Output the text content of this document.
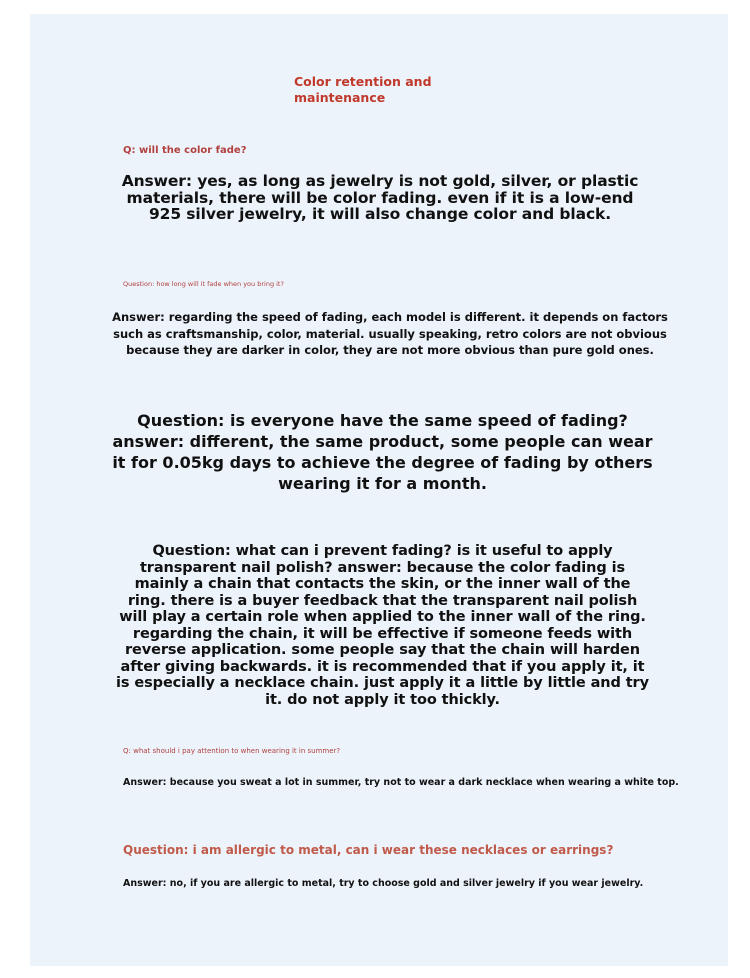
Color retention and maintenance
Q: will the color fade?
Answer: yes, as long as jewelry is not gold, silver, or plastic materials, there will be color fading. even if it is a low-end 925 silver jewelry, it will also change color and black.
Question: how long will it fade when you bring it?
Answer: regarding the speed of fading, each model is different. it depends on factors such as craftsmanship, color, material. usually speaking, retro colors are not obvious because they are darker in color, they are not more obvious than pure gold ones.
Question: is everyone have the same speed of fading? answer: different, the same product, some people can wear it for 0.05kg days to achieve the degree of fading by others wearing it for a month.
Question: what can i prevent fading? is it useful to apply transparent nail polish? answer: because the color fading is mainly a chain that contacts the skin, or the inner wall of the ring. there is a buyer feedback that the transparent nail polish will play a certain role when applied to the inner wall of the ring. regarding the chain, it will be effective if someone feeds with reverse application. some people say that the chain will harden after giving backwards. it is recommended that if you apply it, it is especially a necklace chain. just apply it a little by little and try it. do not apply it too thickly.
Q: what should i pay attention to when wearing it in summer?
Answer: because you sweat a lot in summer, try not to wear a dark necklace when wearing a white top.
Question: i am allergic to metal, can i wear these necklaces or earrings?
Answer: no, if you are allergic to metal, try to choose gold and silver jewelry if you wear jewelry.
